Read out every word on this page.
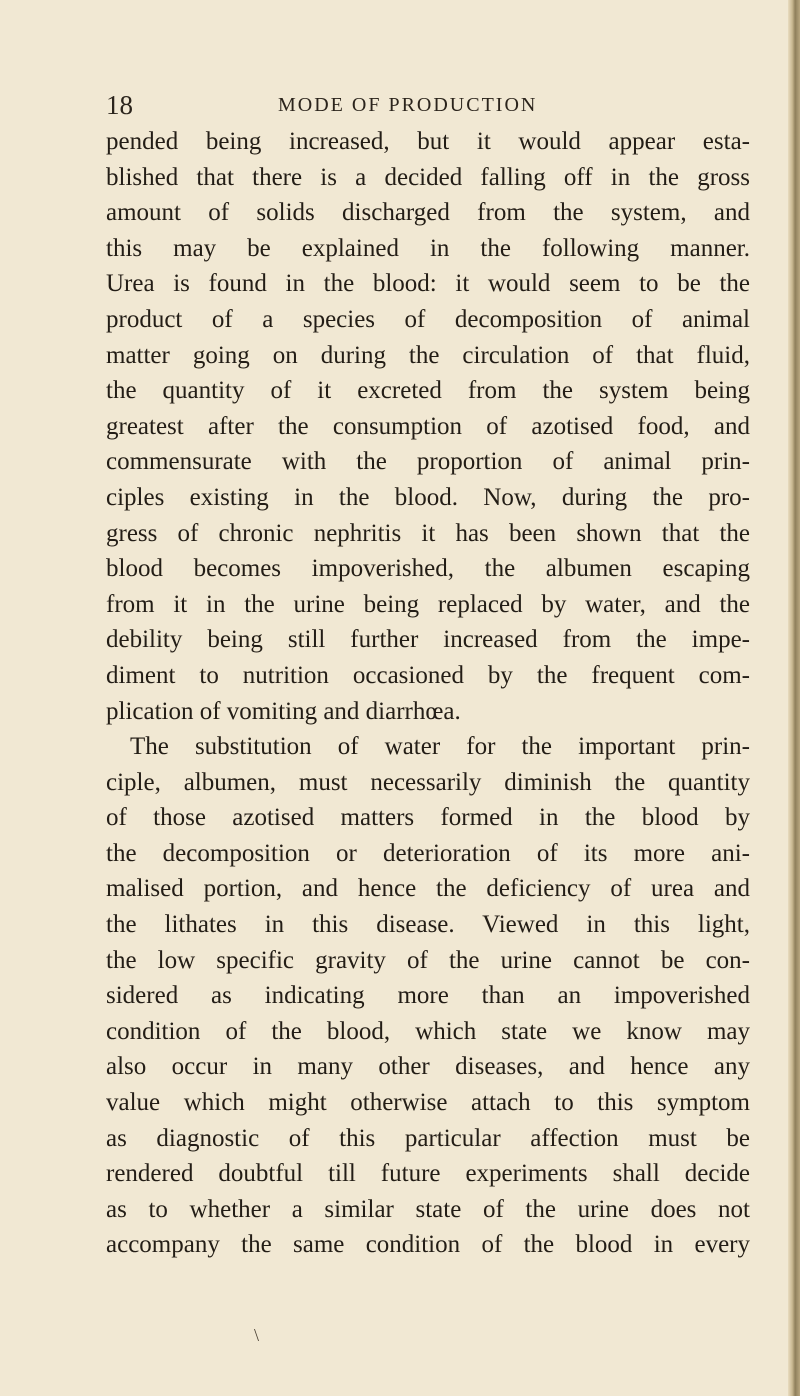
18	MODE OF PRODUCTION
pended being increased, but it would appear esta-
blished that there is a decided falling off in the gross
amount of solids discharged from the system, and
this may be explained in the following manner.
Urea is found in the blood: it would seem to be the
product of a species of decomposition of animal
matter going on during the circulation of that fluid,
the quantity of it excreted from the system being
greatest after the consumption of azotised food, and
commensurate with the proportion of animal prin-
ciples existing in the blood. Now, during the pro-
gress of chronic nephritis it has been shown that the
blood becomes impoverished, the albumen escaping
from it in the urine being replaced by water, and the
debility being still further increased from the impe-
diment to nutrition occasioned by the frequent com-
plication of vomiting and diarrhœa.
The substitution of water for the important prin-
ciple, albumen, must necessarily diminish the quantity
of those azotised matters formed in the blood by
the decomposition or deterioration of its more ani-
malised portion, and hence the deficiency of urea and
the lithates in this disease. Viewed in this light,
the low specific gravity of the urine cannot be con-
sidered as indicating more than an impoverished
condition of the blood, which state we know may
also occur in many other diseases, and hence any
value which might otherwise attach to this symptom
as diagnostic of this particular affection must be
rendered doubtful till future experiments shall decide
as to whether a similar state of the urine does not
accompany the same condition of the blood in every
\
